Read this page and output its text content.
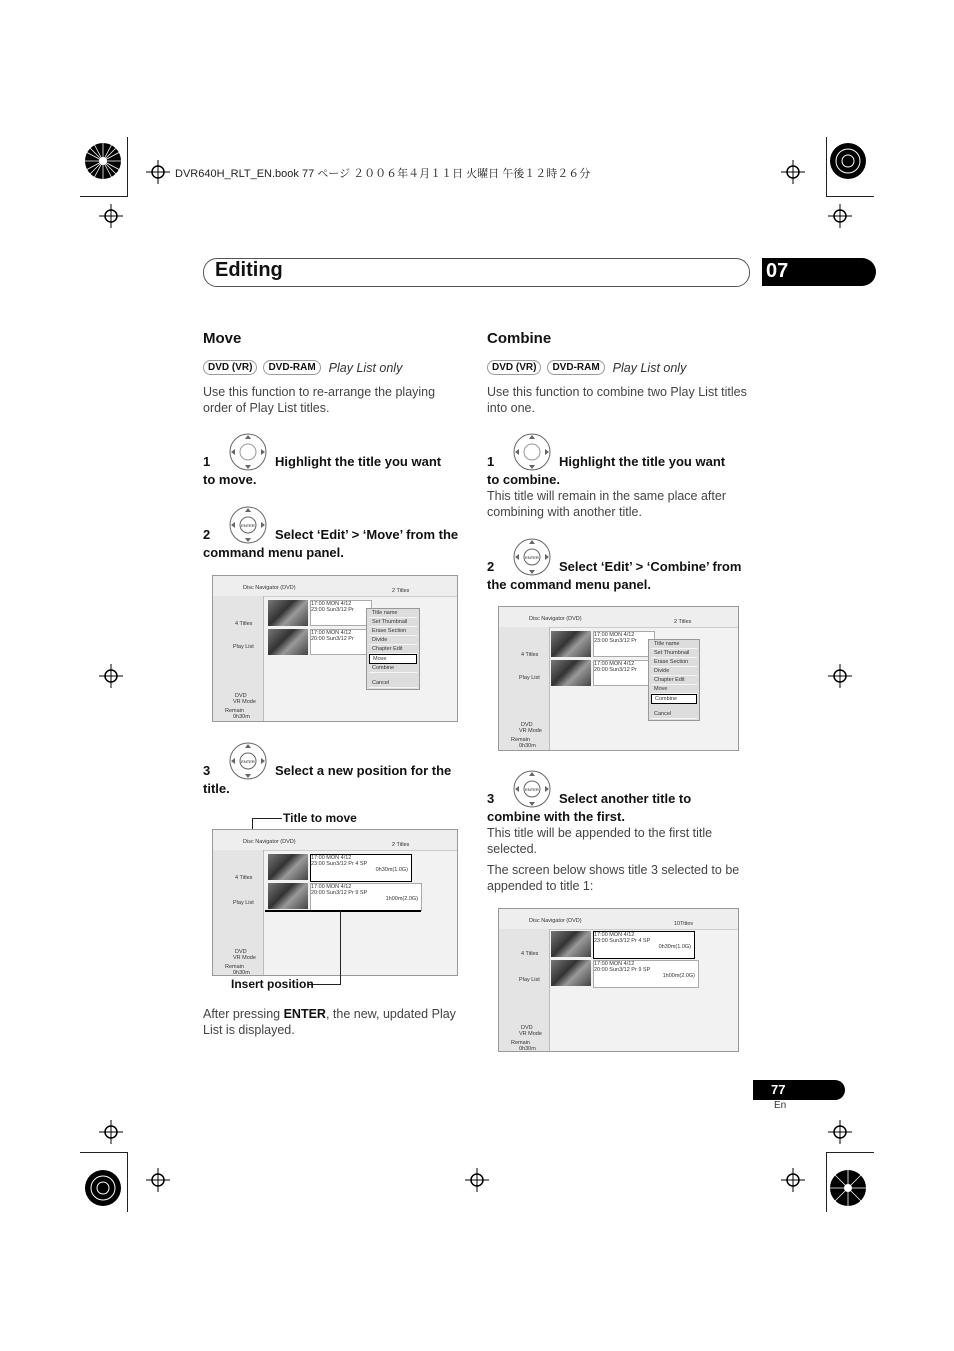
DVR640H_RLT_EN.book 77 ページ ２００６年４月１１日 火曜日 午後１２時２６分
Editing	07
Move
DVD (VR)	DVD-RAM	Play List only
Use this function to re-arrange the playing order of Play List titles.
1	Highlight the title you want
to move.
ENTER
2	Select ‘Edit’ > ‘Move’ from the
command menu panel.
Disc Navigator (DVD)	2 Titles
4 Titles
Play List
DVD
VR Mode
Remain
0h30m
17:00 MON 4/12
23:00 Sun3/12 Pr
17:00 MON 4/12
20:00 Sun3/12 Pr
Title name
Set Thumbnail
Erase Section
Divide
Chapter Edit
Move
Combine
Cancel
ENTER
3	Select a new position for the
title.
Title to move
Disc Navigator (DVD)	2 Titles
4 Titles
Play List
DVD
VR Mode
Remain
0h30m
17:00 MON 4/12
23:00 Sun3/12 Pr 4 SP
0h30m(1.0G)
17:00 MON 4/12
20:00 Sun3/12 Pr 9 SP
1h00m(2.0G)
Insert position
After pressing ENTER, the new, updated Play
List is displayed.
Combine
DVD (VR)	DVD-RAM	Play List only
Use this function to combine two Play List titles into one.
1	Highlight the title you want
to combine.
This title will remain in the same place after combining with another title.
ENTER
2	Select ‘Edit’ > ‘Combine’ from
the command menu panel.
Disc Navigator (DVD)	2 Titles
4 Titles
Play List
DVD
VR Mode
Remain
0h30m
17:00 MON 4/12
23:00 Sun3/12 Pr
17:00 MON 4/12
20:00 Sun3/12 Pr
Title name
Set Thumbnail
Erase Section
Divide
Chapter Edit
Move
Combine
Cancel
ENTER
3	Select another title to
combine with the first.
This title will be appended to the first title selected.
The screen below shows title 3 selected to be appended to title 1:
Disc Navigator (DVD)	10Titles
4 Titles
Play List
DVD
VR Mode
Remain
0h30m
17:00 MON 4/12
23:00 Sun3/12 Pr 4 SP
0h30m(1.0G)
17:00 MON 4/12
20:00 Sun3/12 Pr 9 SP
1h00m(2.0G)
77
En
